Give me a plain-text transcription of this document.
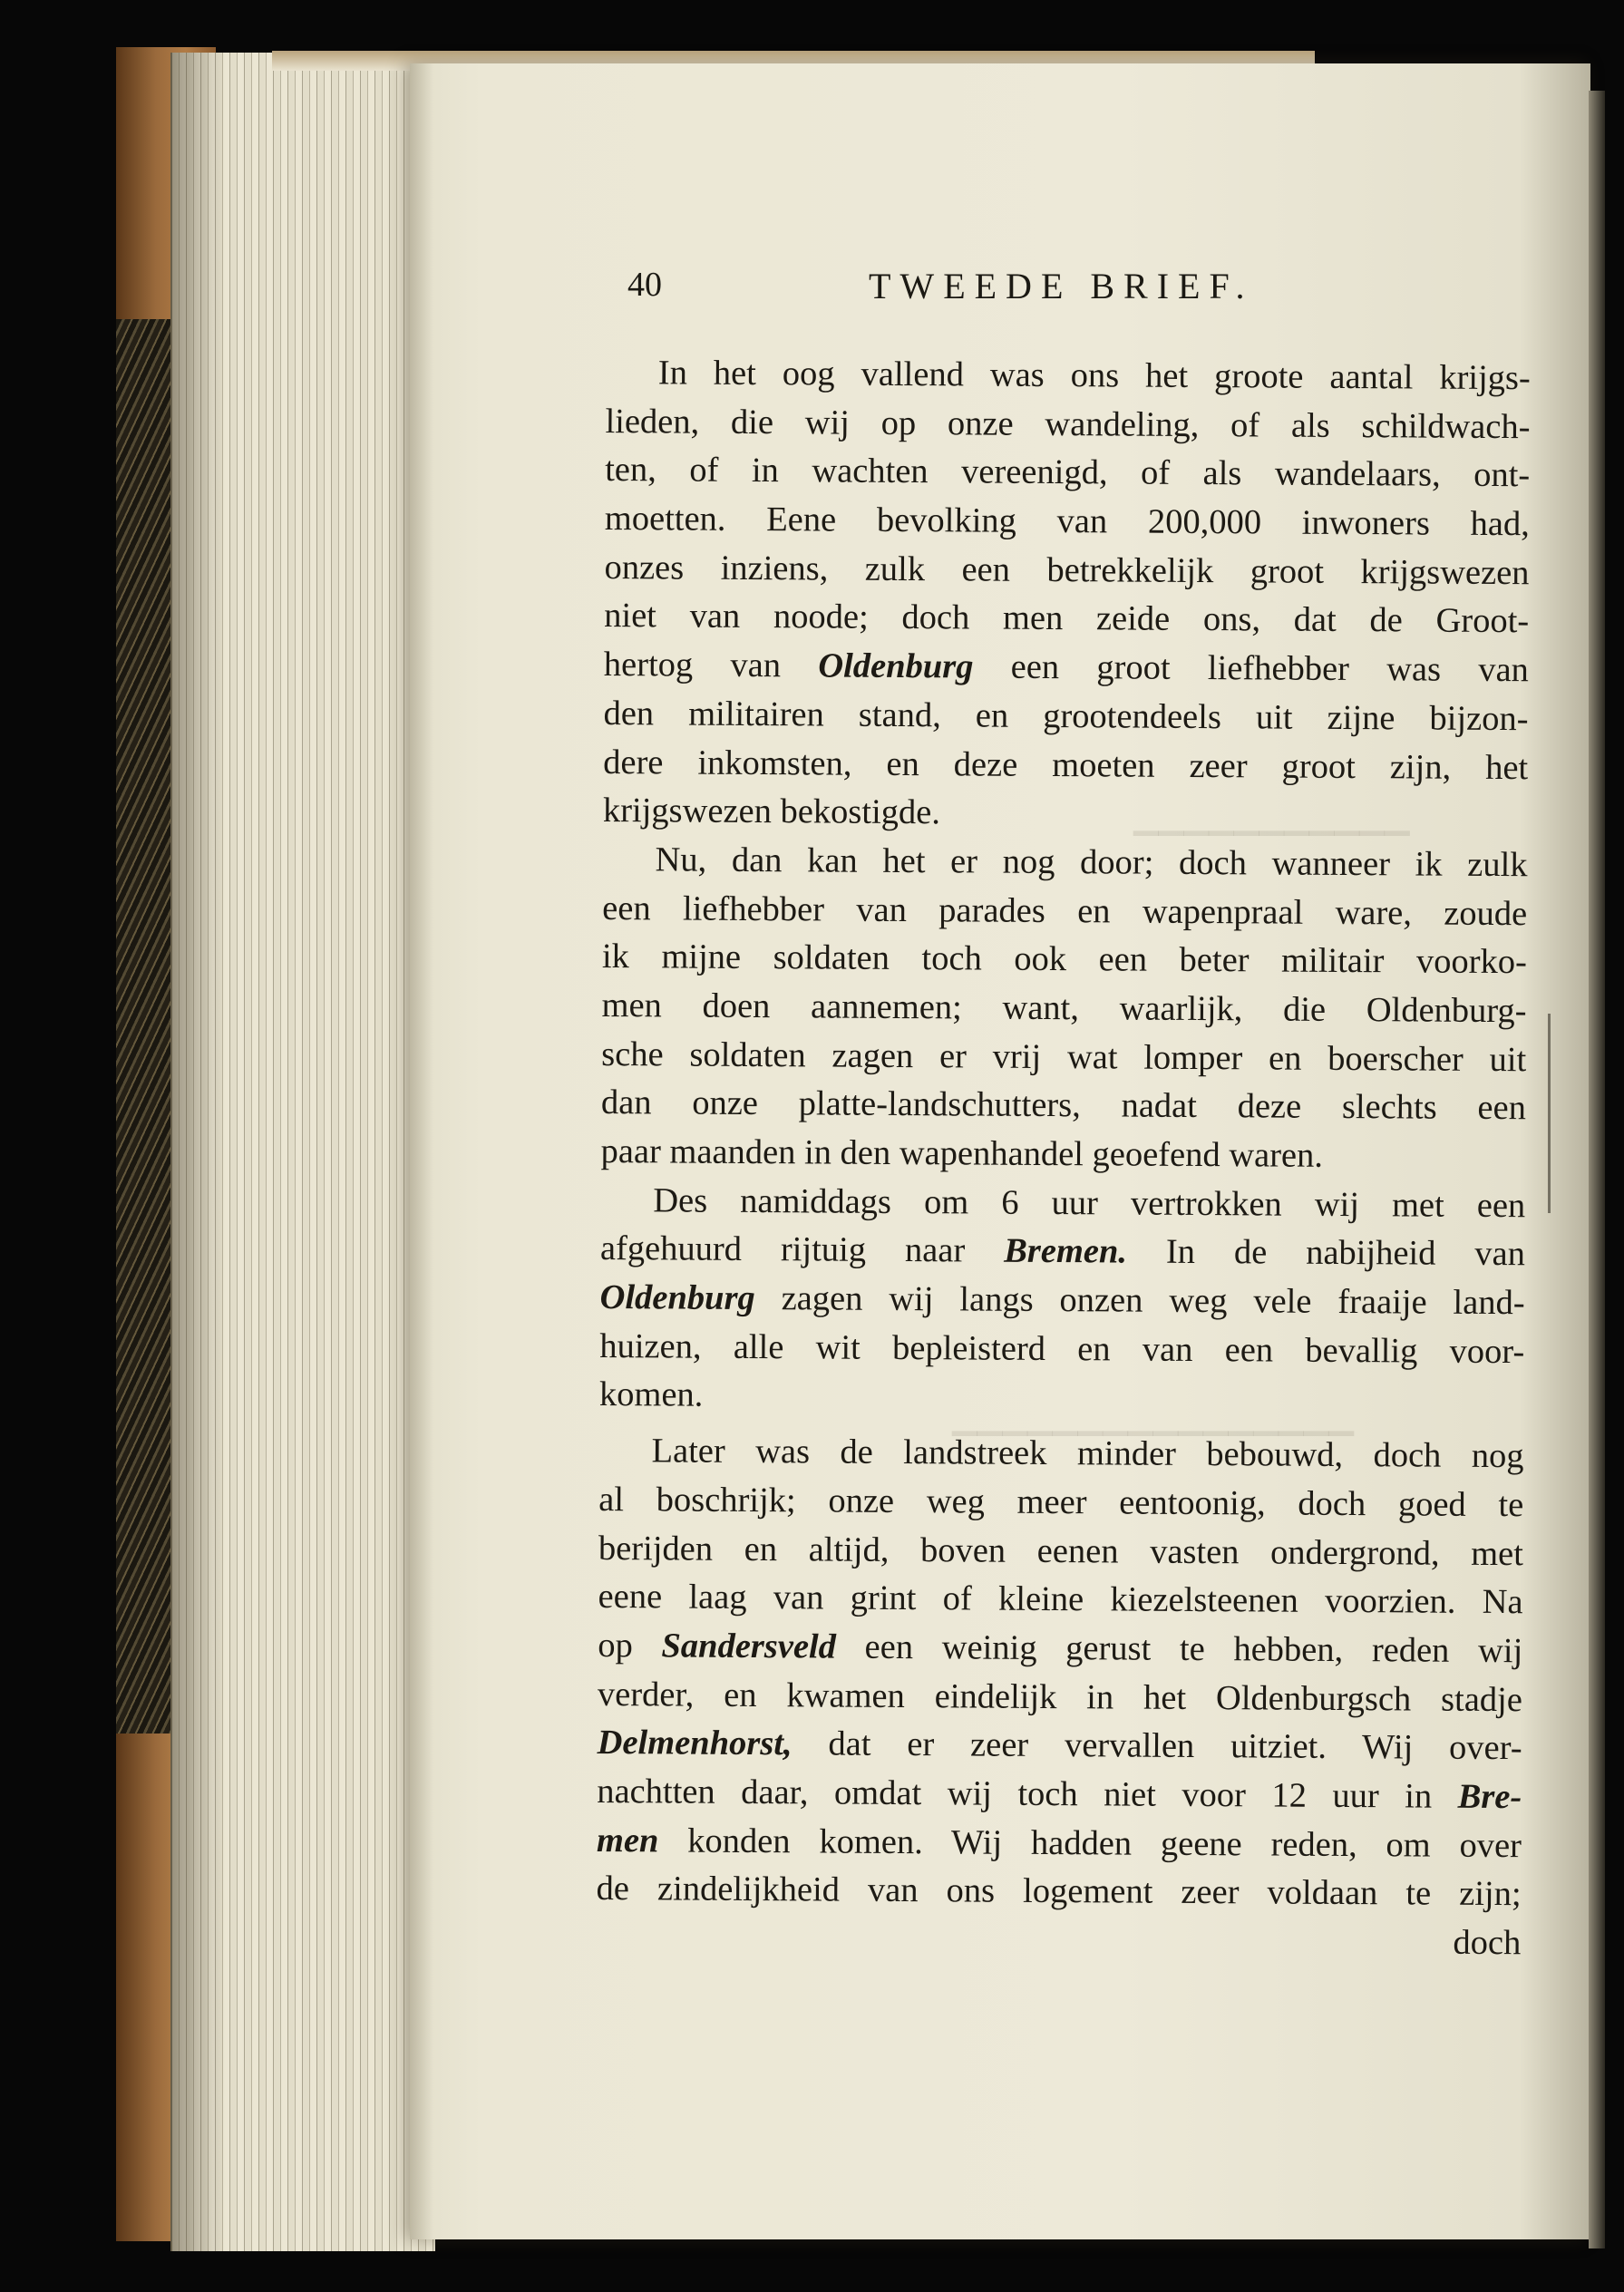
▁▁▁▁▁▁▁▁▁▁▁
▁▁▁▁▁▁▁▁▁▁▁▁▁▁▁▁
40	TWEEDE BRIEF.
In het oog vallend was ons het groote aantal krijgs-
lieden, die wij op onze wandeling, of als schildwach-
ten, of in wachten vereenigd, of als wandelaars, ont-
moetten. Eene bevolking van 200,000 inwoners had,
onzes inziens, zulk een betrekkelijk groot krijgswezen
niet van noode; doch men zeide ons, dat de Groot-
hertog van Oldenburg een groot liefhebber was van
den militairen stand, en grootendeels uit zijne bijzon-
dere inkomsten, en deze moeten zeer groot zijn, het
krijgswezen bekostigde.
Nu, dan kan het er nog door; doch wanneer ik zulk
een liefhebber van parades en wapenpraal ware, zoude
ik mijne soldaten toch ook een beter militair voorko-
men doen aannemen; want, waarlijk, die Oldenburg-
sche soldaten zagen er vrij wat lomper en boerscher uit
dan onze platte-landschutters, nadat deze slechts een
paar maanden in den wapenhandel geoefend waren.
Des namiddags om 6 uur vertrokken wij met een
afgehuurd rijtuig naar Bremen. In de nabijheid van
Oldenburg zagen wij langs onzen weg vele fraaije land-
huizen, alle wit bepleisterd en van een bevallig voor-
komen.
Later was de landstreek minder bebouwd, doch nog
al boschrijk; onze weg meer eentoonig, doch goed te
berijden en altijd, boven eenen vasten ondergrond, met
eene laag van grint of kleine kiezelsteenen voorzien. Na
op Sandersveld een weinig gerust te hebben, reden wij
verder, en kwamen eindelijk in het Oldenburgsch stadje
Delmenhorst, dat er zeer vervallen uitziet. Wij over-
nachtten daar, omdat wij toch niet voor 12 uur in Bre-
men konden komen. Wij hadden geene reden, om over
de zindelijkheid van ons logement zeer voldaan te zijn;
doch
